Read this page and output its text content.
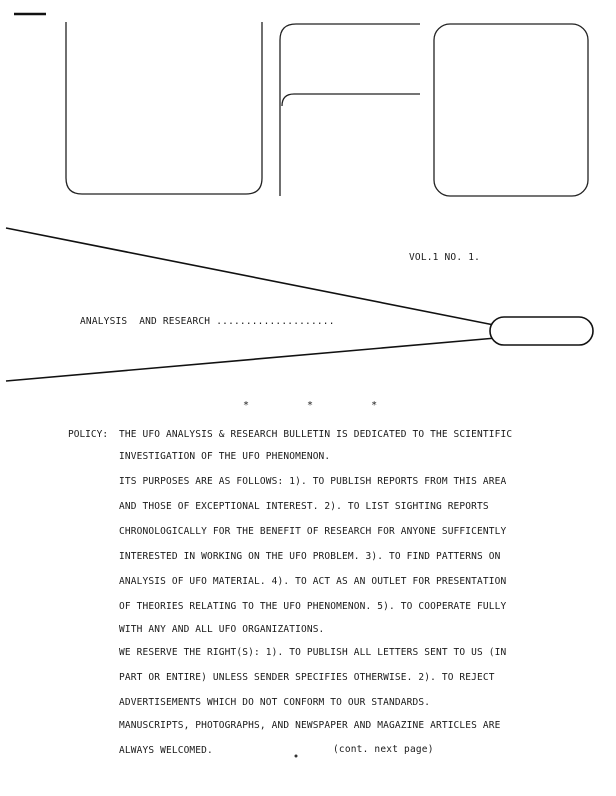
VOL.1 NO. 1.
ANALYSIS  AND RESEARCH ....................
* * *
POLICY: THE UFO ANALYSIS & RESEARCH BULLETIN IS DEDICATED TO THE SCIENTIFIC
INVESTIGATION OF THE UFO PHENOMENON.
ITS PURPOSES ARE AS FOLLOWS: 1). TO PUBLISH REPORTS FROM THIS AREA
AND THOSE OF EXCEPTIONAL INTEREST. 2). TO LIST SIGHTING REPORTS
CHRONOLOGICALLY FOR THE BENEFIT OF RESEARCH FOR ANYONE SUFFICENTLY
INTERESTED IN WORKING ON THE UFO PROBLEM. 3). TO FIND PATTERNS ON
ANALYSIS OF UFO MATERIAL. 4). TO ACT AS AN OUTLET FOR PRESENTATION
OF THEORIES RELATING TO THE UFO PHENOMENON. 5). TO COOPERATE FULLY
WITH ANY AND ALL UFO ORGANIZATIONS.
WE RESERVE THE RIGHT(S): 1). TO PUBLISH ALL LETTERS SENT TO US (IN
PART OR ENTIRE) UNLESS SENDER SPECIFIES OTHERWISE. 2). TO REJECT
ADVERTISEMENTS WHICH DO NOT CONFORM TO OUR STANDARDS.
MANUSCRIPTS, PHOTOGRAPHS, AND NEWSPAPER AND MAGAZINE ARTICLES ARE
ALWAYS WELCOMED.	(cont. next page)
